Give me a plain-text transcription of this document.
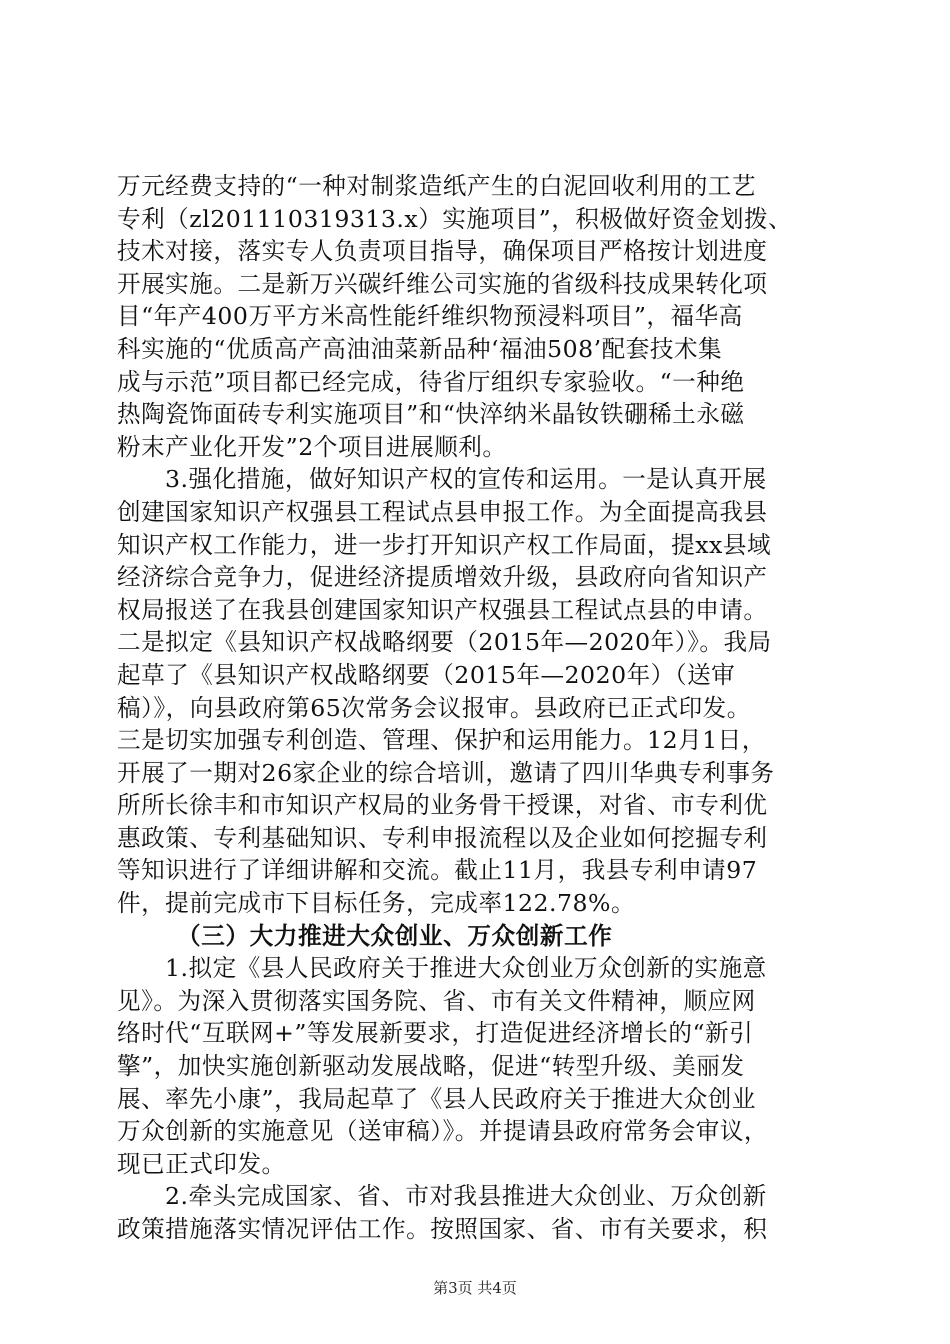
万元经费支持的“一种对制浆造纸产生的白泥回收利用的工艺
专利（zl201110319313.x）实施项目”，积极做好资金划拨、
技术对接，落实专人负责项目指导，确保项目严格按计划进度
开展实施。二是新万兴碳纤维公司实施的省级科技成果转化项
目“年产400万平方米高性能纤维织物预浸料项目”，福华高
科实施的“优质高产高油油菜新品种‘福油508’配套技术集
成与示范”项目都已经完成，待省厅组织专家验收。“一种绝
热陶瓷饰面砖专利实施项目”和“快淬纳米晶钕铁硼稀土永磁
粉末产业化开发”2个项目进展顺利。
3.强化措施，做好知识产权的宣传和运用。一是认真开展
创建国家知识产权强县工程试点县申报工作。为全面提高我县
知识产权工作能力，进一步打开知识产权工作局面，提xx县域
经济综合竞争力，促进经济提质增效升级，县政府向省知识产
权局报送了在我县创建国家知识产权强县工程试点县的申请。
二是拟定《县知识产权战略纲要（2015年—2020年）》。我局
起草了《县知识产权战略纲要（2015年—2020年）（送审
稿）》，向县政府第65次常务会议报审。县政府已正式印发。
三是切实加强专利创造、管理、保护和运用能力。12月1日，
开展了一期对26家企业的综合培训，邀请了四川华典专利事务
所所长徐丰和市知识产权局的业务骨干授课，对省、市专利优
惠政策、专利基础知识、专利申报流程以及企业如何挖掘专利
等知识进行了详细讲解和交流。截止11月，我县专利申请97
件，提前完成市下目标任务，完成率122.78%。
（三）大力推进大众创业、万众创新工作
1.拟定《县人民政府关于推进大众创业万众创新的实施意
见》。为深入贯彻落实国务院、省、市有关文件精神，顺应网
络时代“互联网+”等发展新要求，打造促进经济增长的“新引
擎”，加快实施创新驱动发展战略，促进“转型升级、美丽发
展、率先小康”，我局起草了《县人民政府关于推进大众创业
万众创新的实施意见（送审稿）》。并提请县政府常务会审议，
现已正式印发。
2.牵头完成国家、省、市对我县推进大众创业、万众创新
政策措施落实情况评估工作。按照国家、省、市有关要求，积
第3页 共4页
